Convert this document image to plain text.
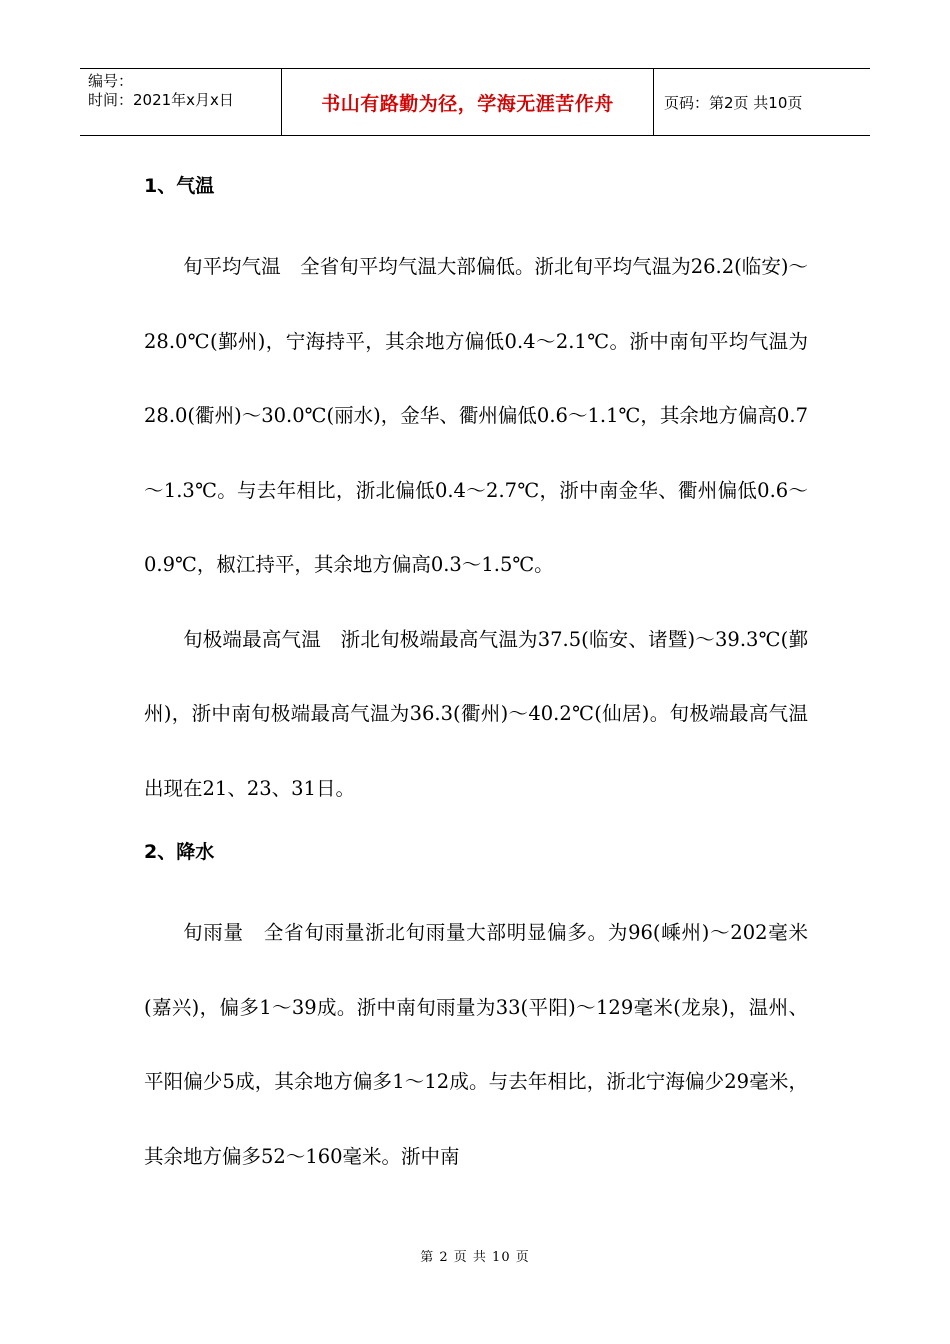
编号：
时间：2021年x月x日	书山有路勤为径，学海无涯苦作舟	页码：第2页 共10页
1、气温

旬平均气温 全省旬平均气温大部偏低。浙北旬平均气温为26.2(临安)～28.0℃(鄞州)，宁海持平，其余地方偏低0.4～2.1℃。浙中南旬平均气温为28.0(衢州)～30.0℃(丽水)，金华、衢州偏低0.6～1.1℃，其余地方偏高0.7～1.3℃。与去年相比，浙北偏低0.4～2.7℃，浙中南金华、衢州偏低0.6～0.9℃，椒江持平，其余地方偏高0.3～1.5℃。

旬极端最高气温 浙北旬极端最高气温为37.5(临安、诸暨)～39.3℃(鄞州)，浙中南旬极端最高气温为36.3(衢州)～40.2℃(仙居)。旬极端最高气温出现在21、23、31日。

2、降水

旬雨量 全省旬雨量浙北旬雨量大部明显偏多。为96(嵊州)～202毫米(嘉兴)，偏多1～39成。浙中南旬雨量为33(平阳)～129毫米(龙泉)，温州、平阳偏少5成，其余地方偏多1～12成。与去年相比，浙北宁海偏少29毫米，其余地方偏多52～160毫米。浙中南

第 2 页 共 10 页
